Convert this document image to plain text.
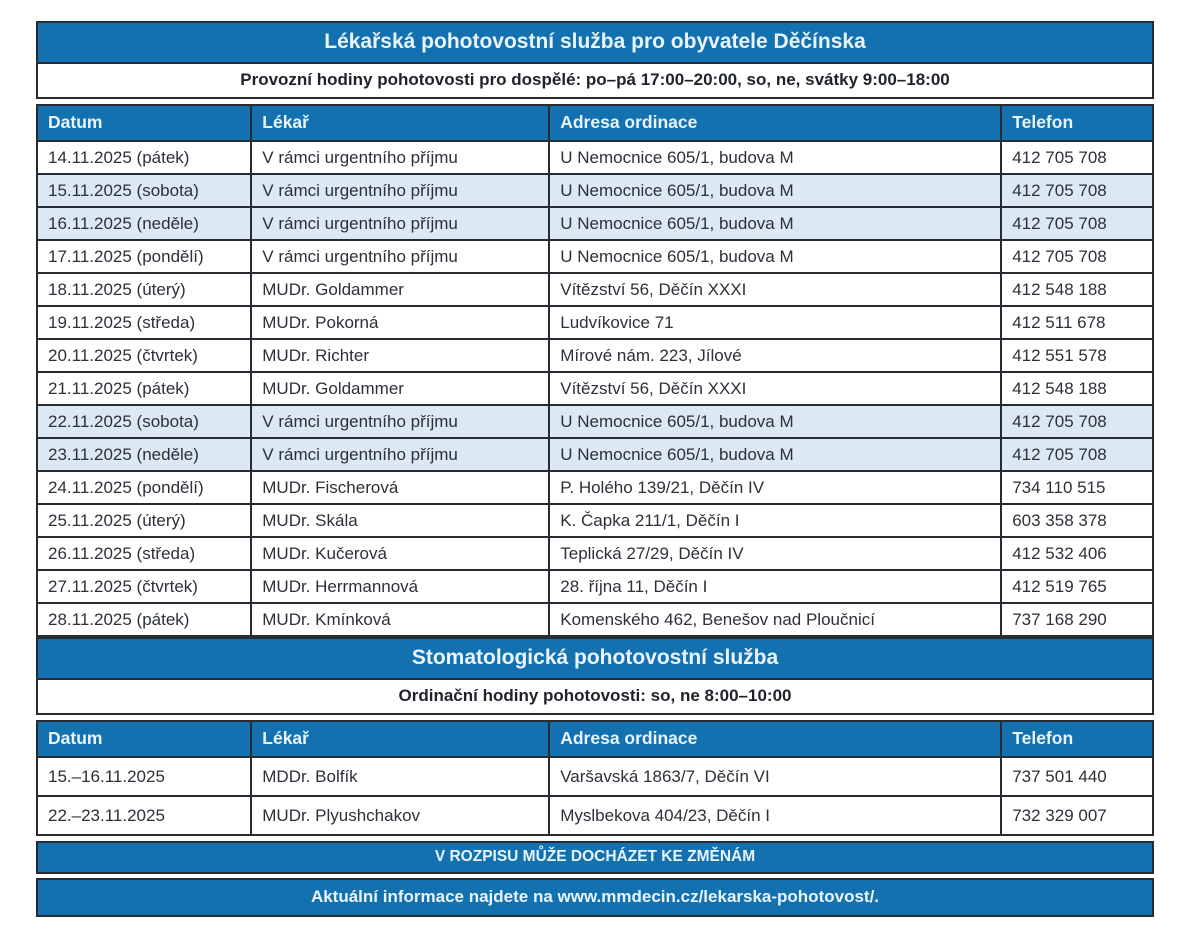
Lékařská pohotovostní služba pro obyvatele Děčínska
Provozní hodiny pohotovosti pro dospělé: po–pá 17:00–20:00, so, ne, svátky 9:00–18:00
Datum	Lékař	Adresa ordinace	Telefon
14.11.2025 (pátek)	V rámci urgentního příjmu	U Nemocnice 605/1, budova M	412 705 708
15.11.2025 (sobota)	V rámci urgentního příjmu	U Nemocnice 605/1, budova M	412 705 708
16.11.2025 (neděle)	V rámci urgentního příjmu	U Nemocnice 605/1, budova M	412 705 708
17.11.2025 (pondělí)	V rámci urgentního příjmu	U Nemocnice 605/1, budova M	412 705 708
18.11.2025 (úterý)	MUDr. Goldammer	Vítězství 56, Děčín XXXI	412 548 188
19.11.2025 (středa)	MUDr. Pokorná	Ludvíkovice 71	412 511 678
20.11.2025 (čtvrtek)	MUDr. Richter	Mírové nám. 223, Jílové	412 551 578
21.11.2025 (pátek)	MUDr. Goldammer	Vítězství 56, Děčín XXXI	412 548 188
22.11.2025 (sobota)	V rámci urgentního příjmu	U Nemocnice 605/1, budova M	412 705 708
23.11.2025 (neděle)	V rámci urgentního příjmu	U Nemocnice 605/1, budova M	412 705 708
24.11.2025 (pondělí)	MUDr. Fischerová	P. Holého 139/21, Děčín IV	734 110 515
25.11.2025 (úterý)	MUDr. Skála	K. Čapka 211/1, Děčín I	603 358 378
26.11.2025 (středa)	MUDr. Kučerová	Teplická 27/29, Děčín IV	412 532 406
27.11.2025 (čtvrtek)	MUDr. Herrmannová	28. října 11, Děčín I	412 519 765
28.11.2025 (pátek)	MUDr. Kmínková	Komenského 462, Benešov nad Ploučnicí	737 168 290
Stomatologická pohotovostní služba
Ordinační hodiny pohotovosti: so, ne 8:00–10:00
Datum	Lékař	Adresa ordinace	Telefon
15.–16.11.2025	MDDr. Bolfík	Varšavská 1863/7, Děčín VI	737 501 440
22.–23.11.2025	MUDr. Plyushchakov	Myslbekova 404/23, Děčín I	732 329 007
V ROZPISU MŮŽE DOCHÁZET KE ZMĚNÁM
Aktuální informace najdete na www.mmdecin.cz/lekarska-pohotovost/.
